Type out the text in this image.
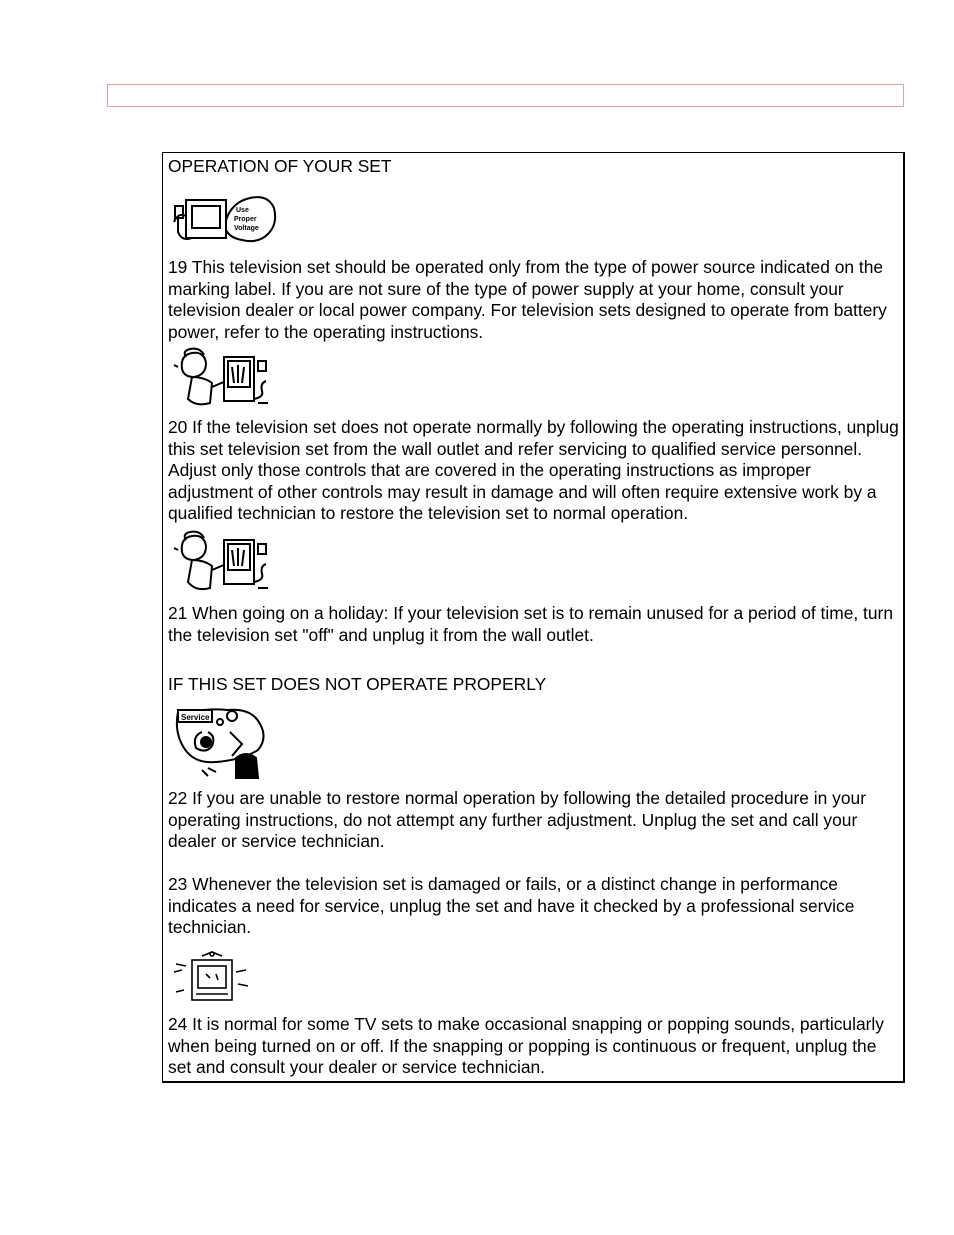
OPERATION OF YOUR SET
Use
Proper
Voltage
19 This television set should be operated only from the type of power source indicated on the marking label. If you are not sure of the type of power supply at your home, consult your television dealer or local power company. For television sets designed to operate from battery power, refer to the operating instructions.
20 If the television set does not operate normally by following the operating instructions, unplug this set television set from the wall outlet and refer servicing to qualified service personnel. Adjust only those controls that are covered in the operating instructions as improper adjustment of other controls may result in damage and will often require extensive work by a qualified technician to restore the television set to normal operation.
21 When going on a holiday: If your television set is to remain unused for a period of time, turn the television set "off" and unplug it from the wall outlet.
IF THIS SET DOES NOT OPERATE PROPERLY
Service
22 If you are unable to restore normal operation by following the detailed procedure in your operating instructions, do not attempt any further adjustment. Unplug the set and call your dealer or service technician.
23 Whenever the television set is damaged or fails, or a distinct change in performance indicates a need for service, unplug the set and have it checked by a professional service technician.
24 It is normal for some TV sets to make occasional snapping or popping sounds, particularly when being turned on or off. If the snapping or popping is continuous or frequent, unplug the set and consult your dealer or service technician.
